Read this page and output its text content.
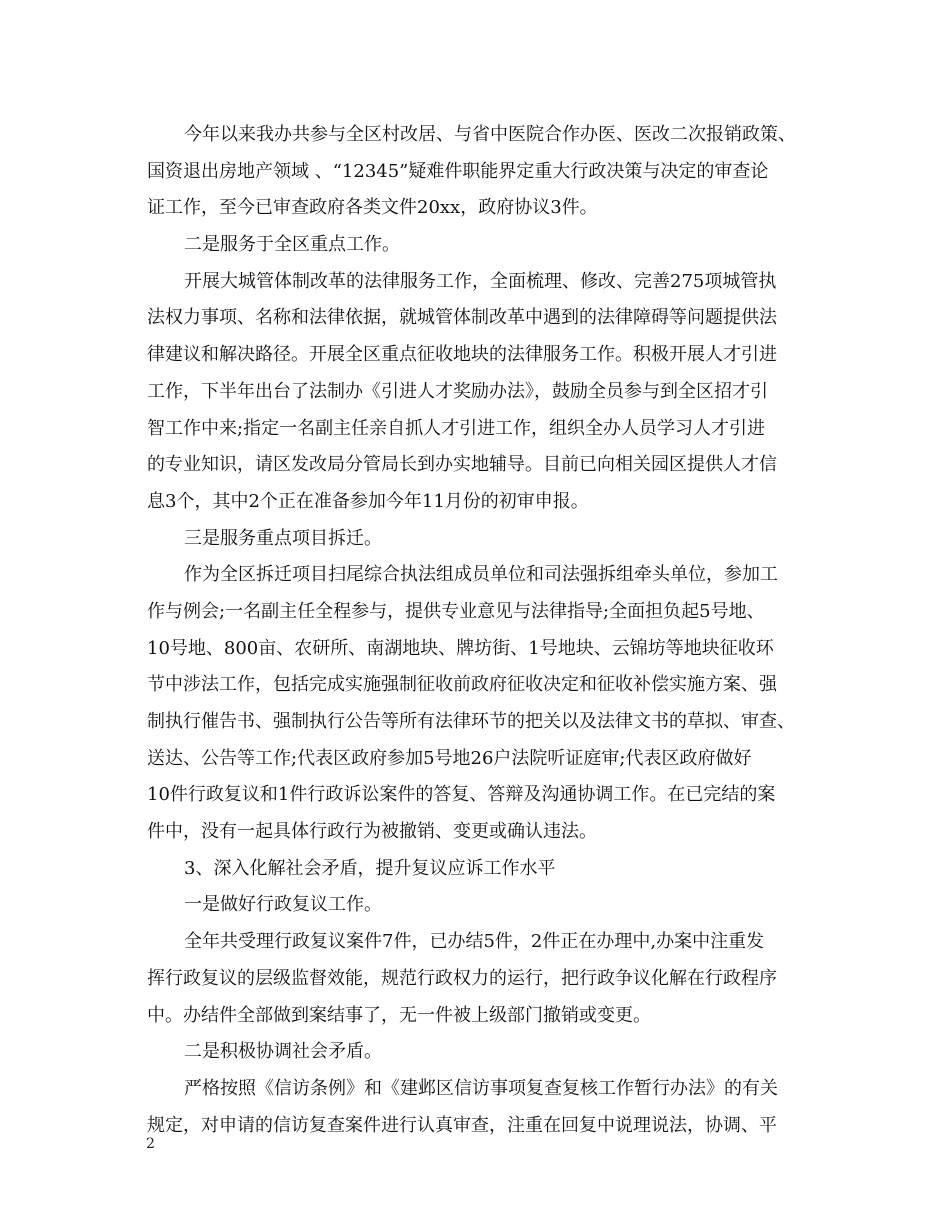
今年以来我办共参与全区村改居、与省中医院合作办医、医改二次报销政策、
国资退出房地产领域 、“12345”疑难件职能界定重大行政决策与决定的审查论
证工作，至今已审查政府各类文件20xx，政府协议3件。
二是服务于全区重点工作。
开展大城管体制改革的法律服务工作，全面梳理、修改、完善275项城管执
法权力事项、名称和法律依据，就城管体制改革中遇到的法律障碍等问题提供法
律建议和解决路径。开展全区重点征收地块的法律服务工作。积极开展人才引进
工作，下半年出台了法制办《引进人才奖励办法》，鼓励全员参与到全区招才引
智工作中来;指定一名副主任亲自抓人才引进工作，组织全办人员学习人才引进
的专业知识，请区发改局分管局长到办实地辅导。目前已向相关园区提供人才信
息3个，其中2个正在准备参加今年11月份的初审申报。
三是服务重点项目拆迁。
作为全区拆迁项目扫尾综合执法组成员单位和司法强拆组牵头单位，参加工
作与例会;一名副主任全程参与，提供专业意见与法律指导;全面担负起5号地、
10号地、800亩、农研所、南湖地块、牌坊街、1号地块、云锦坊等地块征收环
节中涉法工作，包括完成实施强制征收前政府征收决定和征收补偿实施方案、强
制执行催告书、强制执行公告等所有法律环节的把关以及法律文书的草拟、审查、
送达、公告等工作;代表区政府参加5号地26户法院听证庭审;代表区政府做好
10件行政复议和1件行政诉讼案件的答复、答辩及沟通协调工作。在已完结的案
件中，没有一起具体行政行为被撤销、变更或确认违法。
3、深入化解社会矛盾，提升复议应诉工作水平
一是做好行政复议工作。
全年共受理行政复议案件7件，已办结5件，2件正在办理中,办案中注重发
挥行政复议的层级监督效能，规范行政权力的运行，把行政争议化解在行政程序
中。办结件全部做到案结事了，无一件被上级部门撤销或变更。
二是积极协调社会矛盾。
严格按照《信访条例》和《建邺区信访事项复查复核工作暂行办法》的有关
规定，对申请的信访复查案件进行认真审查，注重在回复中说理说法，协调、平
2
